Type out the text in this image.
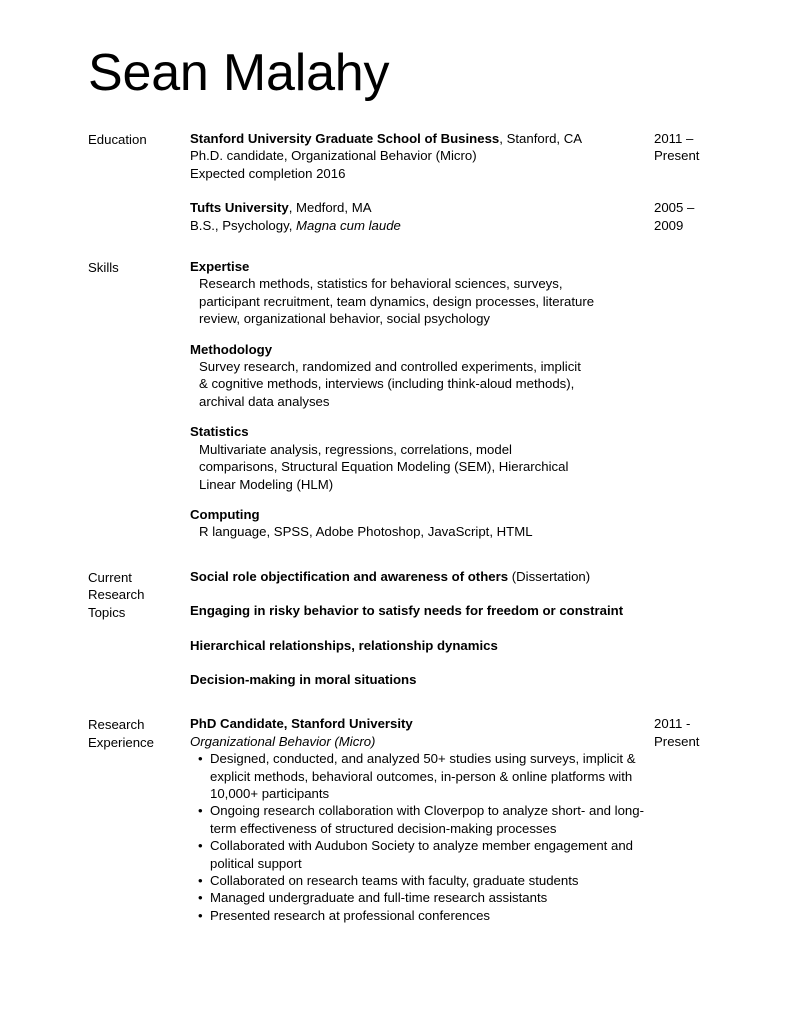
Sean Malahy
Education	Stanford University Graduate School of Business, Stanford, CA
Ph.D. candidate, Organizational Behavior (Micro)
Expected completion 2016
2011 –
Present
Tufts University, Medford, MA
B.S., Psychology, Magna cum laude
2005 –
2009
Skills	Expertise
Research methods, statistics for behavioral sciences, surveys,
participant recruitment, team dynamics, design processes, literature
review, organizational behavior, social psychology
Methodology
Survey research, randomized and controlled experiments, implicit
& cognitive methods, interviews (including think-aloud methods),
archival data analyses
Statistics
Multivariate analysis, regressions, correlations, model
comparisons, Structural Equation Modeling (SEM), Hierarchical
Linear Modeling (HLM)
Computing
R language, SPSS, Adobe Photoshop, JavaScript, HTML
Current
Research
Topics
Social role objectification and awareness of others (Dissertation)
Engaging in risky behavior to satisfy needs for freedom or constraint
Hierarchical relationships, relationship dynamics
Decision-making in moral situations
Research
Experience
PhD Candidate, Stanford University
Organizational Behavior (Micro)
• Designed, conducted, and analyzed 50+ studies using surveys, implicit & explicit methods, behavioral outcomes, in-person & online platforms with 10,000+ participants
• Ongoing research collaboration with Cloverpop to analyze short- and long-term effectiveness of structured decision-making processes
• Collaborated with Audubon Society to analyze member engagement and political support
• Collaborated on research teams with faculty, graduate students
• Managed undergraduate and full-time research assistants
• Presented research at professional conferences
2011 -
Present
